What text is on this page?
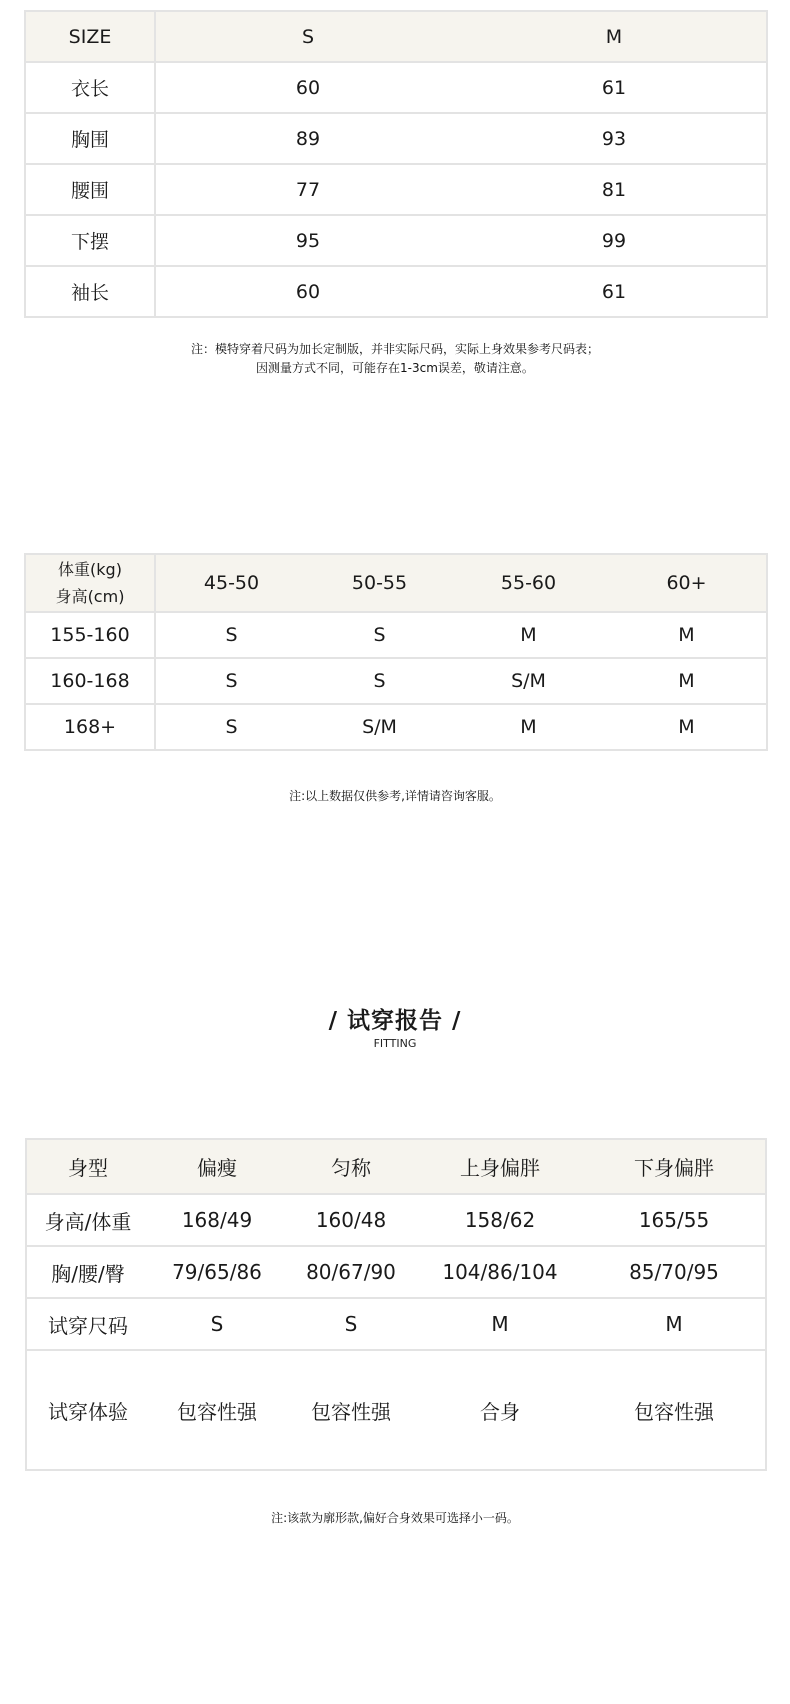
SIZE	S	M
衣长	60	61
胸围	89	93
腰围	77	81
下摆	95	99
袖长	60	61
注：模特穿着尺码为加长定制版，并非实际尺码，实际上身效果参考尺码表；
因测量方式不同，可能存在1-3cm误差，敬请注意。
体重(kg)
身高(cm)	45-50	50-55	55-60	60+
155-160	S	S	M	M
160-168	S	S	S/M	M
168+	S	S/M	M	M
注:以上数据仅供参考,详情请咨询客服。
/ 试穿报告 /
FITTING
身型	偏瘦	匀称	上身偏胖	下身偏胖
身高/体重	168/49	160/48	158/62	165/55
胸/腰/臀	79/65/86	80/67/90	104/86/104	85/70/95
试穿尺码	S	S	M	M
试穿体验	包容性强	包容性强	合身	包容性强
注:该款为廓形款,偏好合身效果可选择小一码。
